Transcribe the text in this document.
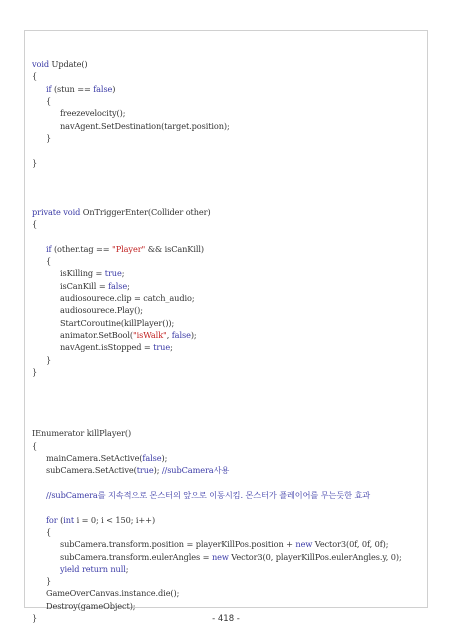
void Update()
{
if (stun == false)
{
freezevelocity();
navAgent.SetDestination(target.position);
}
}
private void OnTriggerEnter(Collider other)
{
if (other.tag == "Player" && isCanKill)
{
isKilling = true;
isCanKill = false;
audiosourece.clip = catch_audio;
audiosourece.Play();
StartCoroutine(killPlayer());
animator.SetBool("isWalk", false);
navAgent.isStopped = true;
}
}
IEnumerator killPlayer()
{
mainCamera.SetActive(false);
subCamera.SetActive(true); //subCamera사용
//subCamera를 지속적으로 몬스터의 앞으로 이동시킴. 몬스터가 플레이어를 무는듯한 효과
for (int i = 0; i < 150; i++)
{
subCamera.transform.position = playerKillPos.position + new Vector3(0f, 0f, 0f);
subCamera.transform.eulerAngles = new Vector3(0, playerKillPos.eulerAngles.y, 0);
yield return null;
}
GameOverCanvas.instance.die();
Destroy(gameObject);
}	- 418 -
